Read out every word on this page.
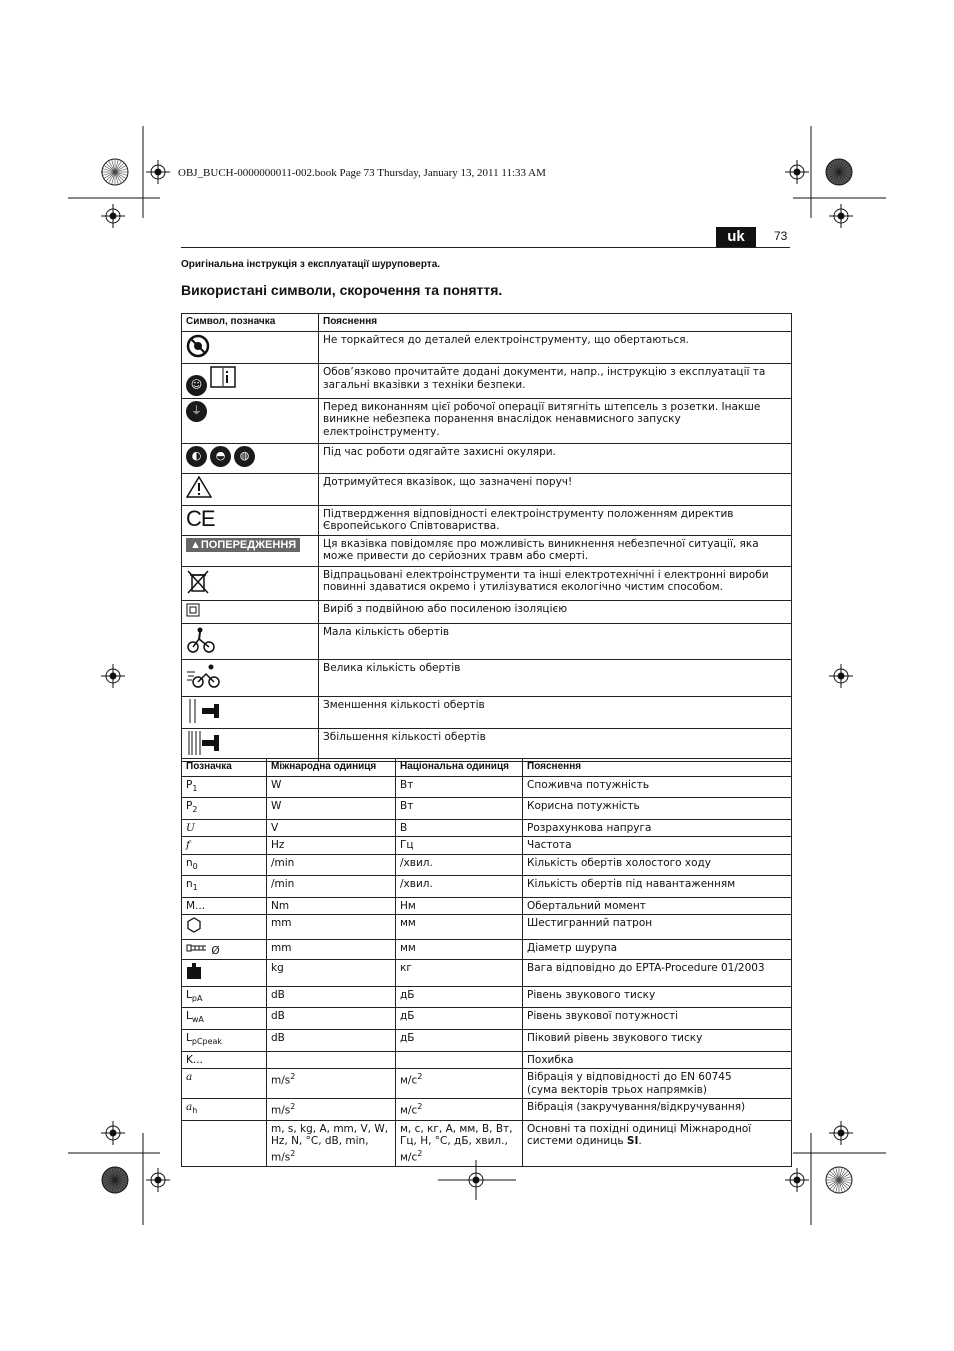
OBJ_BUCH-0000000011-002.book Page 73 Thursday, January 13, 2011 11:33 AM
uk	73
Оригінальна інструкція з експлуатації шуруповерта.
Використані символи, скорочення та поняття.
Символ, позначка	Пояснення
	Не торкайтеся до деталей електроінструменту, що обертаються.

☺	Обов’язково прочитайте додані документи, напр., інструкцію з експлуатації та загальні вказівки з техніки безпеки.

⏚	Перед виконанням цієї робочої операції витягніть штепсель з розетки. Інакше виникне небезпека поранення внаслідок ненавмисного запуску електроінструменту.

◐ ◓ ◍	Під час роботи одягайте захисні окуляри.
	Дотримуйтеся вказівок, що зазначені поруч!
CE	Підтвердження відповідності електроінструменту положенням директив Європейського Співтовариства.
▲ПОПЕРЕДЖЕННЯ	Ця вказівка повідомляє про можливість виникнення небезпечної ситуації, яка може привести до серйозних травм або смерті.
	Відпрацьовані електроінструменти та інші електротехнічні і електронні вироби повинні здаватися окремо і утилізуватися екологічно чистим способом.
	Виріб з подвійною або посиленою ізоляцією
	Мала кількість обертів
	Велика кількість обертів
	Зменшення кількості обертів
	Збільшення кількості обертів
Позначка	Міжнародна одиниця	Національна одиниця	Пояснення
$P_1$	W	Вт	Споживча потужність
$P_2$	W	Вт	Корисна потужність
U	V	В	Розрахункова напруга
f	Hz	Гц	Частота
$n_0$	/min	/хвил.	Кількість обертів холостого ходу
$n_1$	/min	/хвил.	Кількість обертів під навантаженням
M...	Nm	Нм	Обертальний момент
	mm	мм	Шестигранний патрон
Ø	mm	мм	Діаметр шурупа
	kg	кг	Вага відповідно до EPTA-Procedure 01/2003
$L_{pA}$	dB	дБ	Рівень звукового тиску
$L_{wA}$	dB	дБ	Рівень звукової потужності
$L_{pCpeak}$	dB	дБ	Піковий рівень звукового тиску
K...			Похибка
a	$m/s^2$	$м/с^2$	Вібрація у відповідності до EN 60745
(сума векторів трьох напрямків)
$a_h$	$m/s^2$	$м/с^2$	Вібрація (закручування/відкручування)
	m, s, kg, A, mm, V, W, Hz, N, °C, dB, min, $m/s^2$	м, с, кг, А, мм, В, Вт, Гц, Н, °C, дБ, хвил., $м/с^2$	Основні та похідні одиниці Міжнародної системи одиниць SI.
